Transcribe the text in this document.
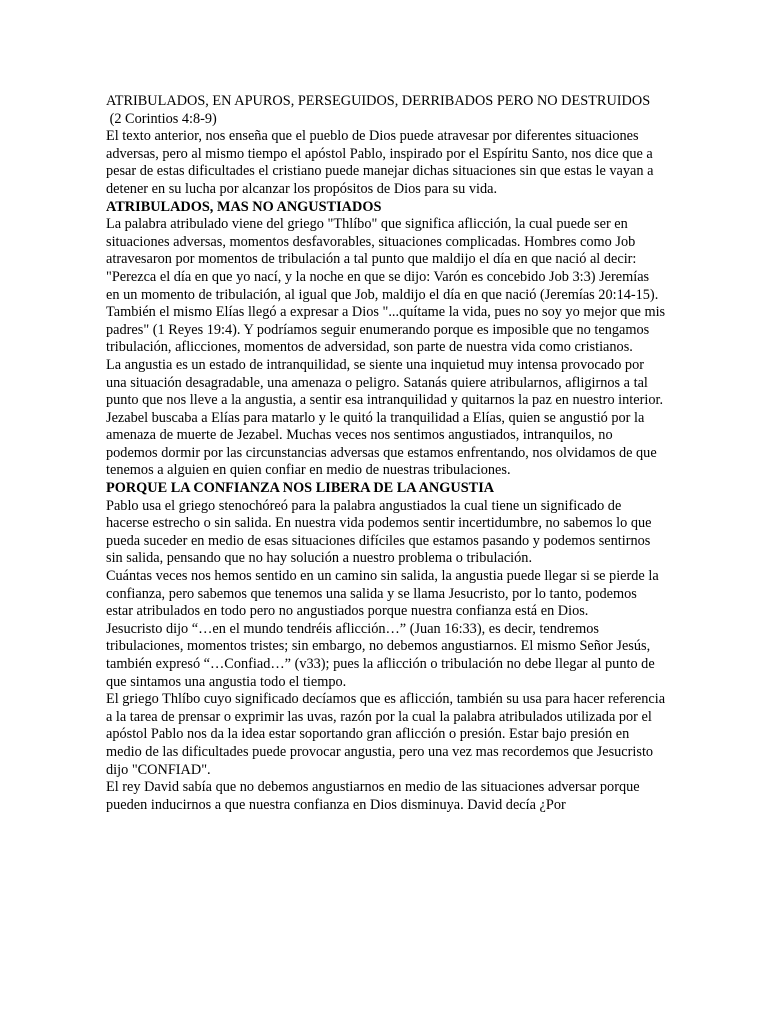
ATRIBULADOS, EN APUROS, PERSEGUIDOS, DERRIBADOS PERO NO DESTRUIDOS

(2 Corintios 4:8-9)

El texto anterior, nos enseña que el pueblo de Dios puede atravesar por diferentes situaciones adversas, pero al mismo tiempo el apóstol Pablo, inspirado por el Espíritu Santo, nos dice que a pesar de estas dificultades el cristiano puede manejar dichas situaciones sin que estas le vayan a detener en su lucha por alcanzar los propósitos de Dios para su vida.

ATRIBULADOS, MAS NO ANGUSTIADOS

La palabra atribulado viene del griego "Thlíbo" que significa aflicción, la cual puede ser en situaciones adversas, momentos desfavorables, situaciones complicadas. Hombres como Job atravesaron por momentos de tribulación a tal punto que maldijo el día en que nació al decir: "Perezca el día en que yo nací, y la noche en que se dijo: Varón es concebido Job 3:3) Jeremías en un momento de tribulación, al igual que Job, maldijo el día en que nació (Jeremías 20:14-15). También el mismo Elías llegó a expresar a Dios "...quítame la vida, pues no soy yo mejor que mis padres" (1 Reyes 19:4). Y podríamos seguir enumerando porque es imposible que no tengamos tribulación, aflicciones, momentos de adversidad, son parte de nuestra vida como cristianos.

La angustia es un estado de intranquilidad, se siente una inquietud muy intensa provocado por una situación desagradable, una amenaza o peligro. Satanás quiere atribularnos, afligirnos a tal punto que nos lleve a la angustia, a sentir esa intranquilidad y quitarnos la paz en nuestro interior.

Jezabel buscaba a Elías para matarlo y le quitó la tranquilidad a Elías, quien se angustió por la amenaza de muerte de Jezabel. Muchas veces nos sentimos angustiados, intranquilos, no podemos dormir por las circunstancias adversas que estamos enfrentando, nos olvidamos de que tenemos a alguien en quien confiar en medio de nuestras tribulaciones.

PORQUE LA CONFIANZA NOS LIBERA DE LA ANGUSTIA

Pablo usa el griego stenochóreó para la palabra angustiados la cual tiene un significado de hacerse estrecho o sin salida. En nuestra vida podemos sentir incertidumbre, no sabemos lo que pueda suceder en medio de esas situaciones difíciles que estamos pasando y podemos sentirnos sin salida, pensando que no hay solución a nuestro problema o tribulación.

Cuántas veces nos hemos sentido en un camino sin salida, la angustia puede llegar si se pierde la confianza, pero sabemos que tenemos una salida y se llama Jesucristo, por lo tanto, podemos estar atribulados en todo pero no angustiados porque nuestra confianza está en Dios.

Jesucristo dijo “…en el mundo tendréis aflicción…” (Juan 16:33), es decir, tendremos tribulaciones, momentos tristes; sin embargo, no debemos angustiarnos. El mismo Señor Jesús, también expresó “…Confiad…” (v33); pues la aflicción o tribulación no debe llegar al punto de que sintamos una angustia todo el tiempo.

El griego Thlíbo cuyo significado decíamos que es aflicción, también su usa para hacer referencia a la tarea de prensar o exprimir las uvas, razón por la cual la palabra atribulados utilizada por el apóstol Pablo nos da la idea estar soportando gran aflicción o presión. Estar bajo presión en medio de las dificultades puede provocar angustia, pero una vez mas recordemos que Jesucristo dijo "CONFIAD".

El rey David sabía que no debemos angustiarnos en medio de las situaciones adversar porque pueden inducirnos a que nuestra confianza en Dios disminuya. David decía ¿Por
